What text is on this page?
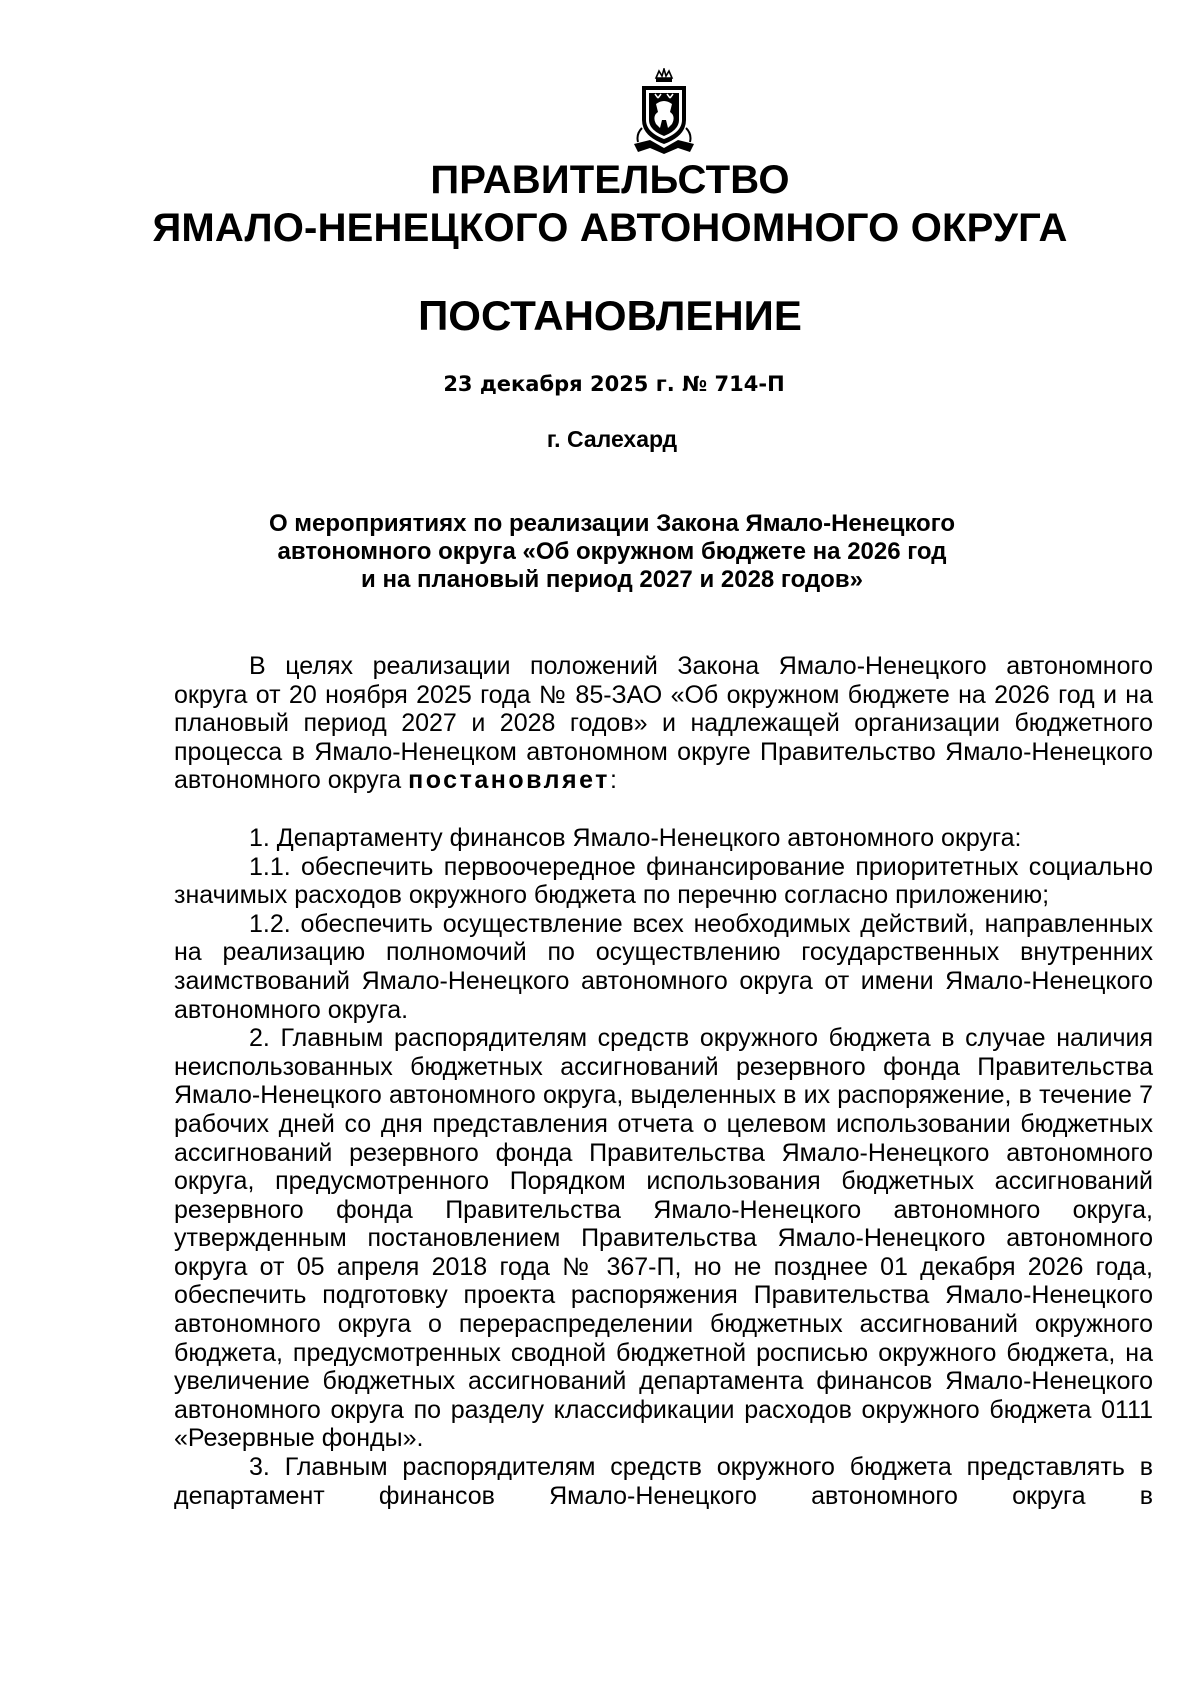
ПРАВИТЕЛЬСТВО
ЯМАЛО-НЕНЕЦКОГО АВТОНОМНОГО ОКРУГА
ПОСТАНОВЛЕНИЕ
23 декабря 2025 г. № 714-П
г. Салехард
О мероприятиях по реализации Закона Ямало-Ненецкого
автономного округа «Об окружном бюджете на 2026 год
и на плановый период 2027 и 2028 годов»

В целях реализации положений Закона Ямало-Ненецкого автономного округа от 20 ноября 2025 года № 85-ЗАО «Об окружном бюджете на 2026 год и на плановый период 2027 и 2028 годов» и надлежащей организации бюджетного процесса в Ямало-Ненецком автономном округе Правительство Ямало-Ненецкого автономного округа постановляет:

1. Департаменту финансов Ямало-Ненецкого автономного округа:

1.1. обеспечить первоочередное финансирование приоритетных социально значимых расходов окружного бюджета по перечню согласно приложению;

1.2. обеспечить осуществление всех необходимых действий, направленных на реализацию полномочий по осуществлению государственных внутренних заимствований Ямало-Ненецкого автономного округа от имени Ямало-Ненецкого автономного округа.

2. Главным распорядителям средств окружного бюджета в случае наличия неиспользованных бюджетных ассигнований резервного фонда Правительства Ямало-Ненецкого автономного округа, выделенных в их распоряжение, в течение 7 рабочих дней со дня представления отчета о целевом использовании бюджетных ассигнований резервного фонда Правительства Ямало-Ненецкого автономного округа, предусмотренного Порядком использования бюджетных ассигнований резервного фонда Правительства Ямало-Ненецкого автономного округа, утвержденным постановлением Правительства Ямало-Ненецкого автономного округа от 05 апреля 2018 года № 367-П, но не позднее 01 декабря 2026 года, обеспечить подготовку проекта распоряжения Правительства Ямало-Ненецкого автономного округа о перераспределении бюджетных ассигнований окружного бюджета, предусмотренных сводной бюджетной росписью окружного бюджета, на увеличение бюджетных ассигнований департамента финансов Ямало-Ненецкого автономного округа по разделу классификации расходов окружного бюджета 0111 «Резервные фонды».

3. Главным распорядителям средств окружного бюджета представлять в департамент финансов Ямало-Ненецкого автономного округа в
